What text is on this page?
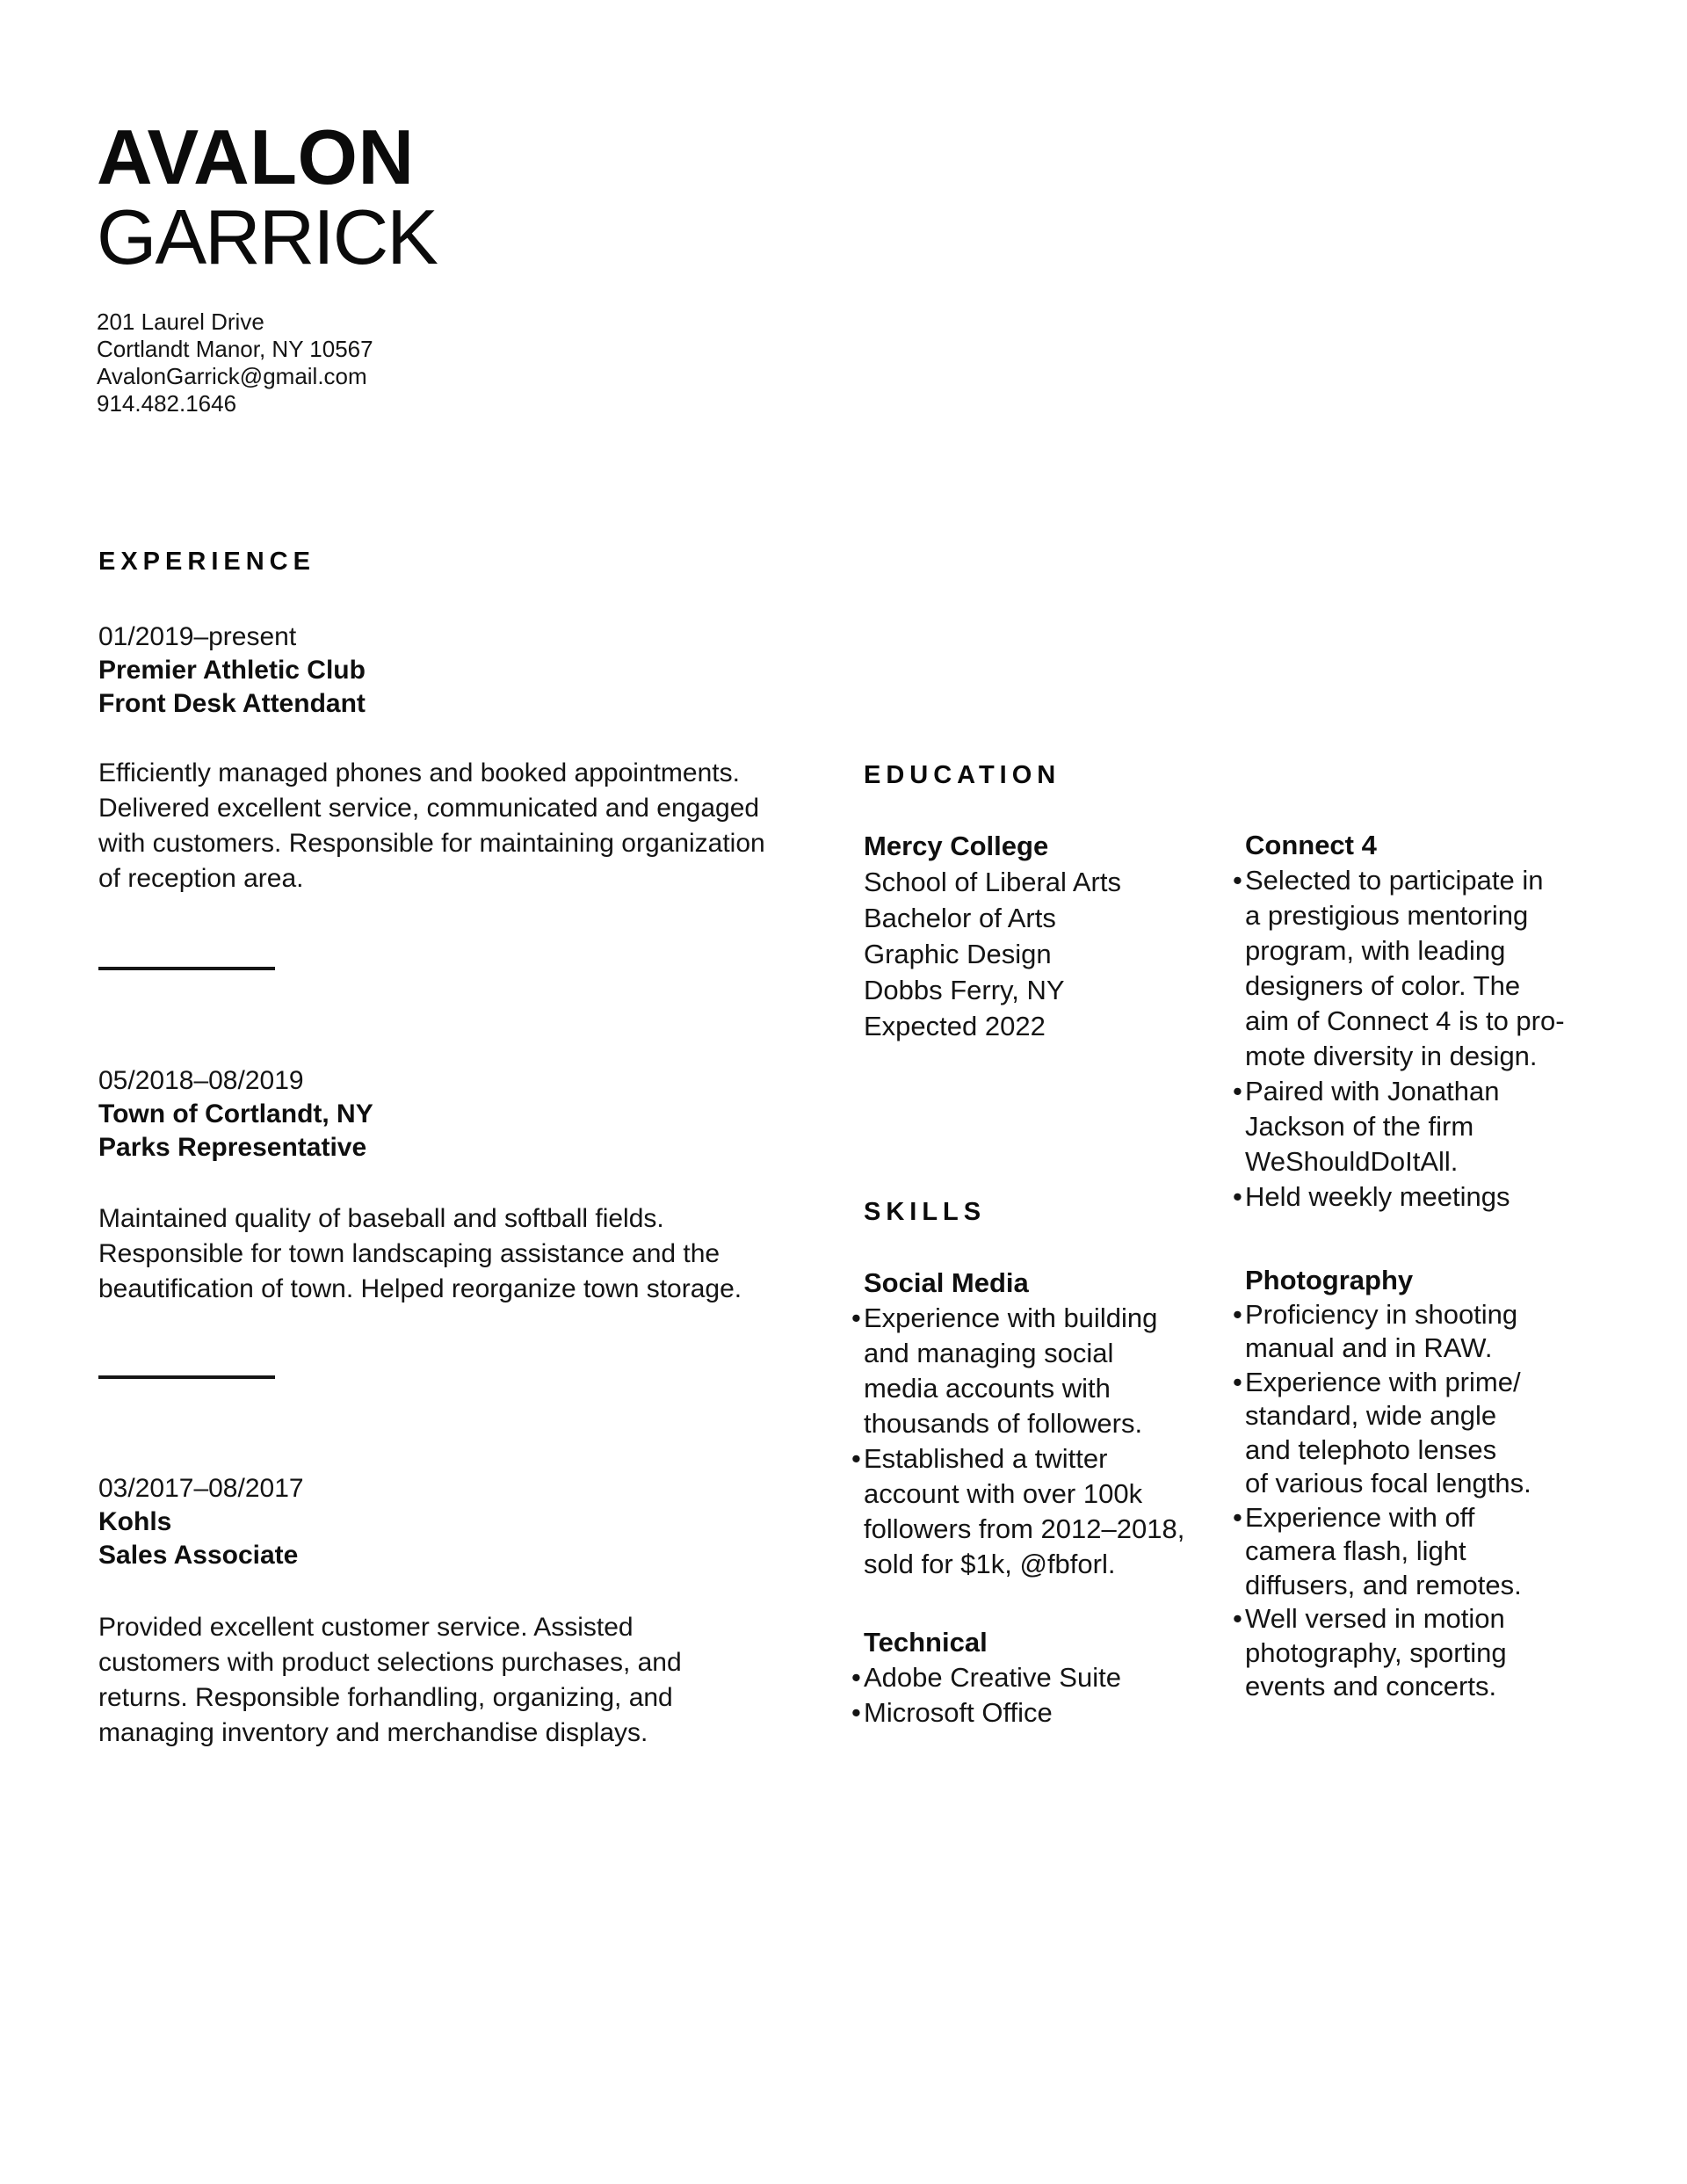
AVALON
GARRICK
201 Laurel Drive
Cortlandt Manor, NY 10567
AvalonGarrick@gmail.com
914.482.1646
EXPERIENCE
01/2019–present
Premier Athletic Club
Front Desk Attendant
Efficiently managed phones and booked appointments.
Delivered excellent service, communicated and engaged
with customers. Responsible for maintaining organization
of reception area.
05/2018–08/2019
Town of Cortlandt, NY
Parks Representative
Maintained quality of baseball and softball fields.
Responsible for town landscaping assistance and the
beautification of town. Helped reorganize town storage.
03/2017–08/2017
Kohls
Sales Associate
Provided excellent customer service. Assisted
customers with product selections purchases, and
returns. Responsible forhandling, organizing, and
managing inventory and merchandise displays.
EDUCATION
Mercy College
School of Liberal Arts
Bachelor of Arts
Graphic Design
Dobbs Ferry, NY
Expected 2022
Connect 4
• Selected to participate in
a prestigious mentoring
program, with leading
designers of color. The
aim of Connect 4 is to pro-
mote diversity in design.
• Paired with Jonathan
Jackson of the firm
WeShouldDoItAll.
• Held weekly meetings
SKILLS
Social Media
• Experience with building
and managing social
media accounts with
thousands of followers.
• Established a twitter
account with over 100k
followers from 2012–2018,
sold for $1k, @fbforl.
Technical
• Adobe Creative Suite
• Microsoft Office
Photography
• Proficiency in shooting
manual and in RAW.
• Experience with prime/
standard, wide angle
and telephoto lenses
of various focal lengths.
• Experience with off
camera flash, light
diffusers, and remotes.
• Well versed in motion
photography, sporting
events and concerts.
